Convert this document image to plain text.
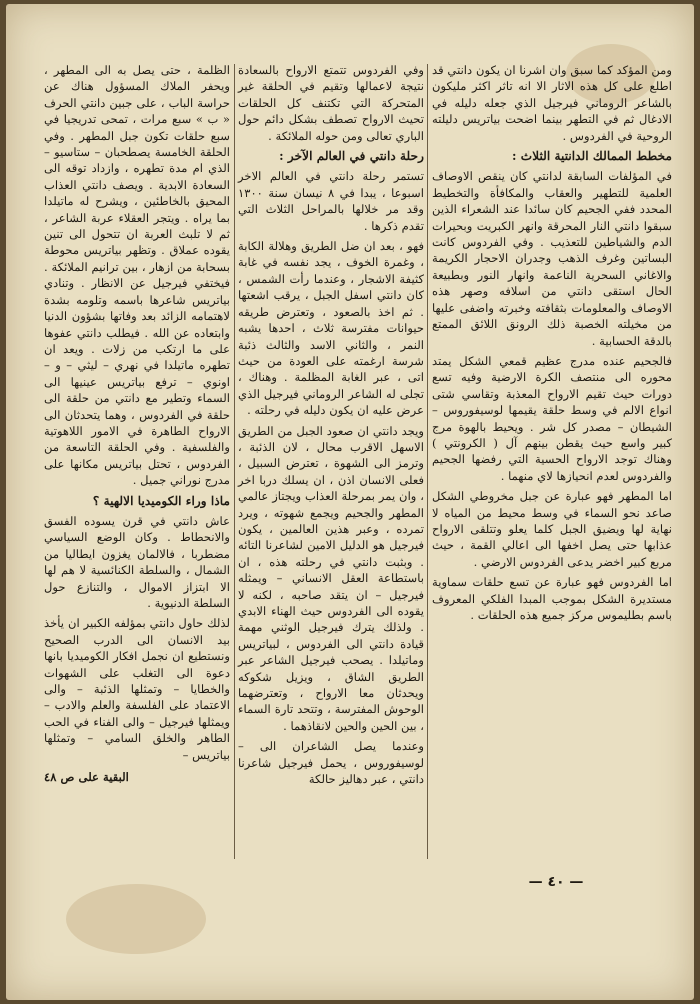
ومن المؤكد كما سبق وان اشرنا ان يكون دانتي قد اطلع على كل هذه الاثار الا انه تاثر اكثر مليكون بالشاعر الروماني فيرجيل الذي جعله دليله في الادغال ثم في التطهر بينما اضحت بياتريس دليلته الروحية في الفردوس .

مخطط الممالك الدانتية الثلاث :

في المؤلفات السابقة لدانتي كان ينقص الاوصاف العلمية للتطهير والعقاب والمكافأة والتخطيط المحدد ففي الجحيم كان سائدا عند الشعراء الذين سبقوا دانتي النار المحرقة وانهر الكبريت وبحيرات الدم والشياطين للتعذيب . وفي الفردوس كانت البساتين وغرف الذهب وجدران الاحجار الكريمة والاغاني السحرية الناعمة وانهار النور وبطبيعة الحال استقى دانتي من اسلافه وصهر هذه الاوصاف والمعلومات بثقافته وخبرته واضفى عليها من مخيلته الخصبة ذلك الرونق اللائق الممتع بالدقة الحسابية .

فالجحيم عنده مدرج عظيم قمعي الشكل يمتد محوره الى منتصف الكرة الارضية وفيه تسع دورات حيث تقيم الارواح المعذبة وتقاسي شتى انواع الالم في وسط حلقة يقيمها لوسيفوروس – الشيطان – مصدر كل شر . ويحيط بالهوة مرج كبير واسع حيث يقطن بينهم آل ( الكرونتي ) وهناك توجد الارواح الحسية التي رفضها الجحيم والفردوس لعدم انحيازها لاي منهما .

اما المطهر فهو عبارة عن جبل مخروطي الشكل صاعد نحو السماء في وسط محيط من المياه لا نهاية لها ويضيق الجبل كلما يعلو وتتلقى الارواح عذابها حتى يصل اخفها الى اعالي القمة ، حيث مربع كبير اخضر يدعى الفردوس الارضي .

اما الفردوس فهو عبارة عن تسع حلقات سماوية مستديرة الشكل بموجب المبدا الفلكي المعروف باسم بطليموس مركز جميع هذه الحلقات .

وفي الفردوس تتمتع الارواح بالسعادة نتيجة لاعمالها وتقيم في الحلقة غير المتحركة التي تكتنف كل الحلقات تحيث الارواح تصطف بشكل دائم حول الباري تعالى ومن حوله الملائكة .

رحلة دانتي في العالم الآخر :

تستمر رحلة دانتي في العالم الاخر اسبوعا ، يبدا في ٨ نيسان سنة ١٣٠٠ وقد مر خلالها بالمراحل الثلاث التي تقدم ذكرها .

فهو ، بعد ان ضل الطريق وهلالة الكابة ، وغمرة الخوف ، يجد نفسه في غابة كثيفة الاشجار ، وعندما رأت الشمس ، كان دانتي اسفل الجبل ، يرقب اشعتها . ثم اخذ بالصعود ، وتعترض طريقه حيوانات مفترسة ثلاث ، احدها يشبه النمر ، والثاني الاسد والثالث ذئبة شرسة ارغمته على العودة من حيث اتى ، عبر الغابة المظلمة . وهناك ، تجلى له الشاعر الروماني فيرجيل الذي عرض عليه ان يكون دليله في رحلته .

ويجد دانتي ان صعود الجبل من الطريق الاسهل الاقرب محال ، لان الذئبة ، وترمز الى الشهوة ، تعترض السبيل ، فعلى الانسان اذن ، ان يسلك دربا اخر ، وان يمر بمرحلة العذاب ويجتاز عالمي المطهر والجحيم ويجمع شهوته ، ويرد تمرده ، وعبر هذين العالمين ، يكون فيرجيل هو الدليل الامين لشاعرنا التائه . وبثبت دانتي في رحلته هذه ، ان باستطاعة العقل الانساني – ويمثله فيرجيل – ان يتقد صاحبه ، لكنه لا يقوده الى الفردوس حيث الهناء الابدي . ولذلك يترك فيرجيل الوثني مهمة قيادة دانتي الى الفردوس ، لبياتريس وماتيلدا . يصحب فيرجيل الشاعر عبر الطريق الشاق ، ويزيل شكوكه ويحدثان معا الارواح ، وتعترضهما الوحوش المفترسة ، وتتحد تارة السماء ، بين الحين والحين لانقاذهما .

وعندما يصل الشاعران الى – لوسيفوروس ، يحمل فيرجيل شاعرنا دانتي ، عبر دهاليز حالكة

الظلمة ، حتى يصل به الى المطهر ، ويحفر الملاك المسؤول هناك عن حراسة الباب ، على جبين دانتي الحرف « ب » سبع مرات ، تمحى تدريجيا في سبع حلقات تكون جبل المطهر . وفي الحلقة الخامسة يصطحبان – ستاسيو – الذي ام مدة تطهره ، وازداد توقه الى السعادة الابدية . ويصف دانتي العذاب المحيق بالخاطئين ، ويشرح له ماتيلدا بما يراه . ويتجر العقلاء عربة الشاعر ، ثم لا تلبث العربة ان تتحول الى تنين يقوده عملاق . وتظهر بياتريس محوطة بسحابة من ازهار ، بين ترانيم الملائكة . فيختفي فيرجيل عن الانظار . وتنادي بياتريس شاعرها باسمه وتلومه بشدة لاهتمامه الزائد بعد وفاتها بشؤون الدنيا وابتعاده عن الله . فيطلب دانتي عفوها على ما ارتكب من زلات . ويعد ان تطهره ماتيلدا في نهري – ليثي – و – اونوي – ترفع بياتريس عينيها الى السماء وتطير مع دانتي من حلقة الى حلقة في الفردوس ، وهما يتحدثان الى الارواح الطاهرة في الامور اللاهوتية والفلسفية . وفي الحلقة التاسعة من الفردوس ، تحتل بياتريس مكانها على مدرج نوراني جميل .

ماذا وراء الكوميديا الالهية ؟

عاش دانتي في قرن يسوده الفسق والانحطاط . وكان الوضع السياسي مضطربا ، فالالمان يغزون ايطاليا من الشمال ، والسلطة الكنائسية لا هم لها الا ابتزاز الاموال ، والتنازع حول السلطة الدنيوية .

لذلك حاول دانتي بمؤلفه الكبير ان يأخذ بيد الانسان الى الدرب الصحيح ونستطيع ان نجمل افكار الكوميديا بانها دعوة الى التغلب على الشهوات والخطايا – وتمثلها الذئبة – والى الاعتماد على الفلسفة والعلم والادب – ويمثلها فيرجيل – والى الفناء في الحب الطاهر والخلق السامي – وتمثلها بياتريس –

البقية على ص ٤٨
— ٤٠ —
